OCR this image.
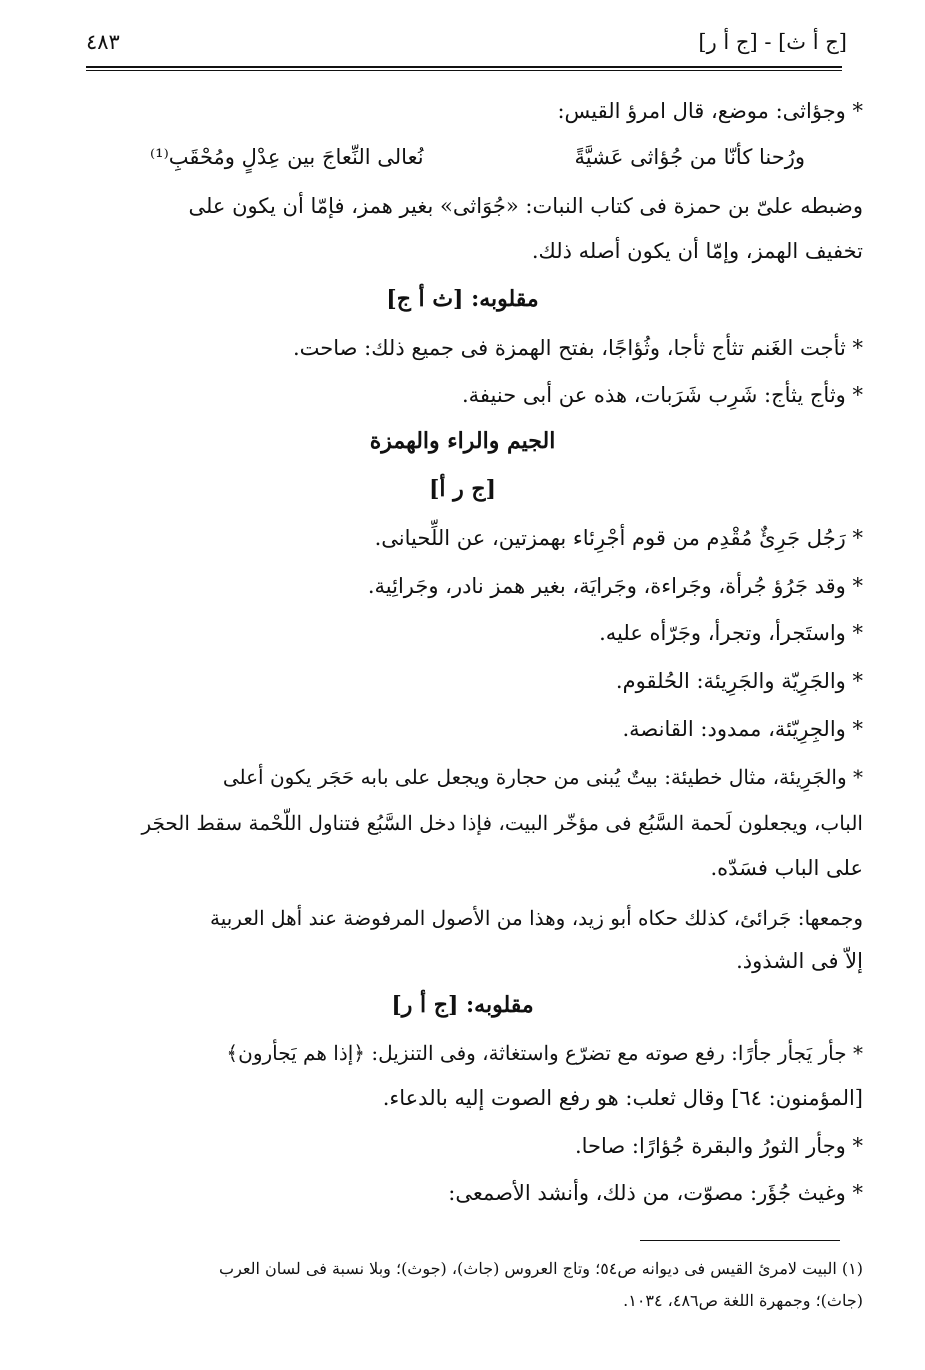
[ج أ ث] - [ج أ ر]
٤٨٣
* وجؤاثى: موضع، قال امرؤ القيس:
ورُحنا كأنّا من جُؤاثى عَشيَّةً
نُعالى النِّعاجَ بين عِدْلٍ ومُحْقَبِ⁽¹⁾
وضبطه علىّ بن حمزة فى كتاب النبات: «جُوَاثى» بغير همز، فإمّا أن يكون على
تخفيف الهمز، وإمّا أن يكون أصله ذلك.
مقلوبه: [ث أ ج]
* ثأجت الغَنم تثأج ثأجا، وثُؤاجًا، بفتح الهمزة فى جميع ذلك: صاحت.
* وثأج يثأج: شَرِب شَرَبات، هذه عن أبى حنيفة.
الجيم والراء والهمزة
[ج ر أ]
* رَجُل جَرِئٌ مُقْدِم من قوم أجْرِئاء بهمزتين، عن اللِّحيانى.
* وقد جَرُؤ جُرأة، وجَراءة، وجَرايَة، بغير همز نادر، وجَرائِية.
* واستَجرأ، وتجرأ، وجَرّأه عليه.
* والجَرِيّة والجَرِيئة: الحُلقوم.
* والجِرِيّئة، ممدود: القانصة.
* والجَرِيئة، مثال خطيئة: بيتٌ يُبنى من حجارة ويجعل على بابه حَجَر يكون أعلى
الباب، ويجعلون لَحمة السَّبُع فى مؤخّر البيت، فإذا دخل السَّبُع فتناول اللّحْمة سقط الحجَر
على الباب فسَدّه.
وجمعها: جَرائئ، كذلك حكاه أبو زيد، وهذا من الأصول المرفوضة عند أهل العربية
إلاّ فى الشذوذ.
مقلوبه: [ج أ ر]
* جأر يَجأر جأرًا: رفع صوته مع تضرّع واستغاثة، وفى التنزيل: ﴿إذا هم يَجأرون﴾
[المؤمنون: ٦٤] وقال ثعلب: هو رفع الصوت إليه بالدعاء.
* وجأر الثورُ والبقرة جُؤارًا: صاحا.
* وغيث جُؤَر: مصوّت، من ذلك، وأنشد الأصمعى:
(١) البيت لامرئ القيس فى ديوانه ص٥٤؛ وتاج العروس (جاث)، (جوث)؛ وبلا نسبة فى لسان العرب
(جاث)؛ وجمهرة اللغة ص٤٨٦، ١٠٣٤.
